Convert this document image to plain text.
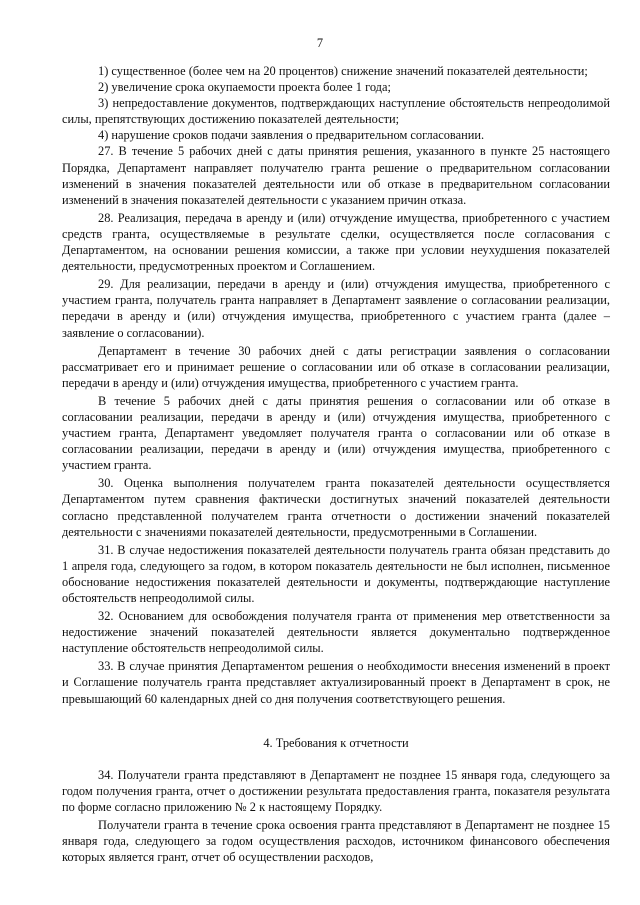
7

1) существенное (более чем на 20 процентов) снижение значений показателей деятельности;

2) увеличение срока окупаемости проекта более 1 года;

3) непредоставление документов, подтверждающих наступление обстоятельств непреодолимой силы, препятствующих достижению показателей деятельности;

4) нарушение сроков подачи заявления о предварительном согласовании.

27. В течение 5 рабочих дней с даты принятия решения, указанного в пункте 25 настоящего Порядка, Департамент направляет получателю гранта решение о предварительном согласовании изменений в значения показателей деятельности или об отказе в предварительном согласовании изменений в значения показателей деятельности с указанием причин отказа.

28. Реализация, передача в аренду и (или) отчуждение имущества, приобретенного с участием средств гранта, осуществляемые в результате сделки, осуществляется после согласования с Департаментом, на основании решения комиссии, а также при условии неухудшения показателей деятельности, предусмотренных проектом и Соглашением.

29. Для реализации, передачи в аренду и (или) отчуждения имущества, приобретенного с участием гранта, получатель гранта направляет в Департамент заявление о согласовании реализации, передачи в аренду и (или) отчуждения имущества, приобретенного с участием гранта (далее – заявление о согласовании).

Департамент в течение 30 рабочих дней с даты регистрации заявления о согласовании рассматривает его и принимает решение о согласовании или об отказе в согласовании реализации, передачи в аренду и (или) отчуждения имущества, приобретенного с участием гранта.

В течение 5 рабочих дней с даты принятия решения о согласовании или об отказе в согласовании реализации, передачи в аренду и (или) отчуждения имущества, приобретенного с участием гранта, Департамент уведомляет получателя гранта о согласовании или об отказе в согласовании реализации, передачи в аренду и (или) отчуждения имущества, приобретенного с участием гранта.

30. Оценка выполнения получателем гранта показателей деятельности осуществляется Департаментом путем сравнения фактически достигнутых значений показателей деятельности согласно представленной получателем гранта отчетности о достижении значений показателей деятельности с значениями показателей деятельности, предусмотренными в Соглашении.

31. В случае недостижения показателей деятельности получатель гранта обязан представить до 1 апреля года, следующего за годом, в котором показатель деятельности не был исполнен, письменное обоснование недостижения показателей деятельности и документы, подтверждающие наступление обстоятельств непреодолимой силы.

32. Основанием для освобождения получателя гранта от применения мер ответственности за недостижение значений показателей деятельности является документально подтвержденное наступление обстоятельств непреодолимой силы.

33. В случае принятия Департаментом решения о необходимости внесения изменений в проект и Соглашение получатель гранта представляет актуализированный проект в Департамент в срок, не превышающий 60 календарных дней со дня получения соответствующего решения.

4. Требования к отчетности

34. Получатели гранта представляют в Департамент не позднее 15 января года, следующего за годом получения гранта, отчет о достижении результата предоставления гранта, показателя результата по форме согласно приложению № 2 к настоящему Порядку.

Получатели гранта в течение срока освоения гранта представляют в Департамент не позднее 15 января года, следующего за годом осуществления расходов, источником финансового обеспечения которых является грант, отчет об осуществлении расходов,
